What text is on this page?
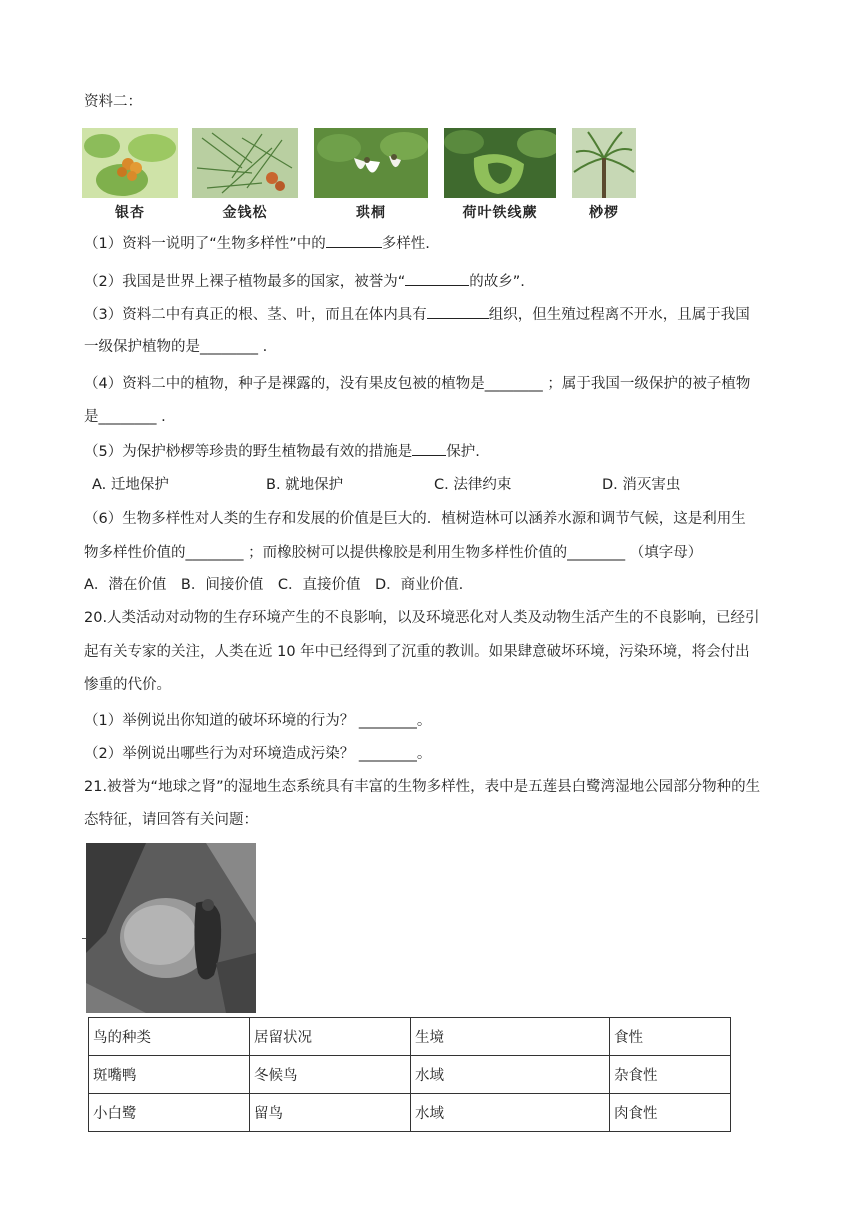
资料二：
银杏	金钱松	珙桐	荷叶铁线蕨	桫椤
（1）资料一说明了“生物多样性”中的	多样性.
（2）我国是世界上裸子植物最多的国家，被誉为“	的故乡”.
（3）资料二中有真正的根、茎、叶，而且在体内具有	组织，但生殖过程离不开水，且属于我国
一级保护植物的是________ .
（4）资料二中的植物，种子是裸露的，没有果皮包被的植物是________ ；属于我国一级保护的被子植物
是________ .
（5）为保护桫椤等珍贵的野生植物最有效的措施是 保护.
A. 迁地保护	B. 就地保护	C. 法律约束	D. 消灭害虫
（6）生物多样性对人类的生存和发展的价值是巨大的．植树造林可以涵养水源和调节气候，这是利用生
物多样性价值的________ ；而橡胶树可以提供橡胶是利用生物多样性价值的________ （填字母）
A．潜在价值　B．间接价值　C．直接价值　D．商业价值.
20.人类活动对动物的生存环境产生的不良影响，以及环境恶化对人类及动物生活产生的不良影响，已经引
起有关专家的关注，人类在近 10 年中已经得到了沉重的教训。如果肆意破坏环境，污染环境，将会付出
惨重的代价。
（1）举例说出你知道的破坏环境的行为？ ________。
（2）举例说出哪些行为对环境造成污染？ ________。
21.被誉为“地球之肾”的湿地生态系统具有丰富的生物多样性，表中是五莲县白鹭湾湿地公园部分物种的生
态特征，请回答有关问题：
鸟的种类	居留状况	生境	食性
斑嘴鸭	冬候鸟	水域	杂食性
小白鹭	留鸟	水域	肉食性
